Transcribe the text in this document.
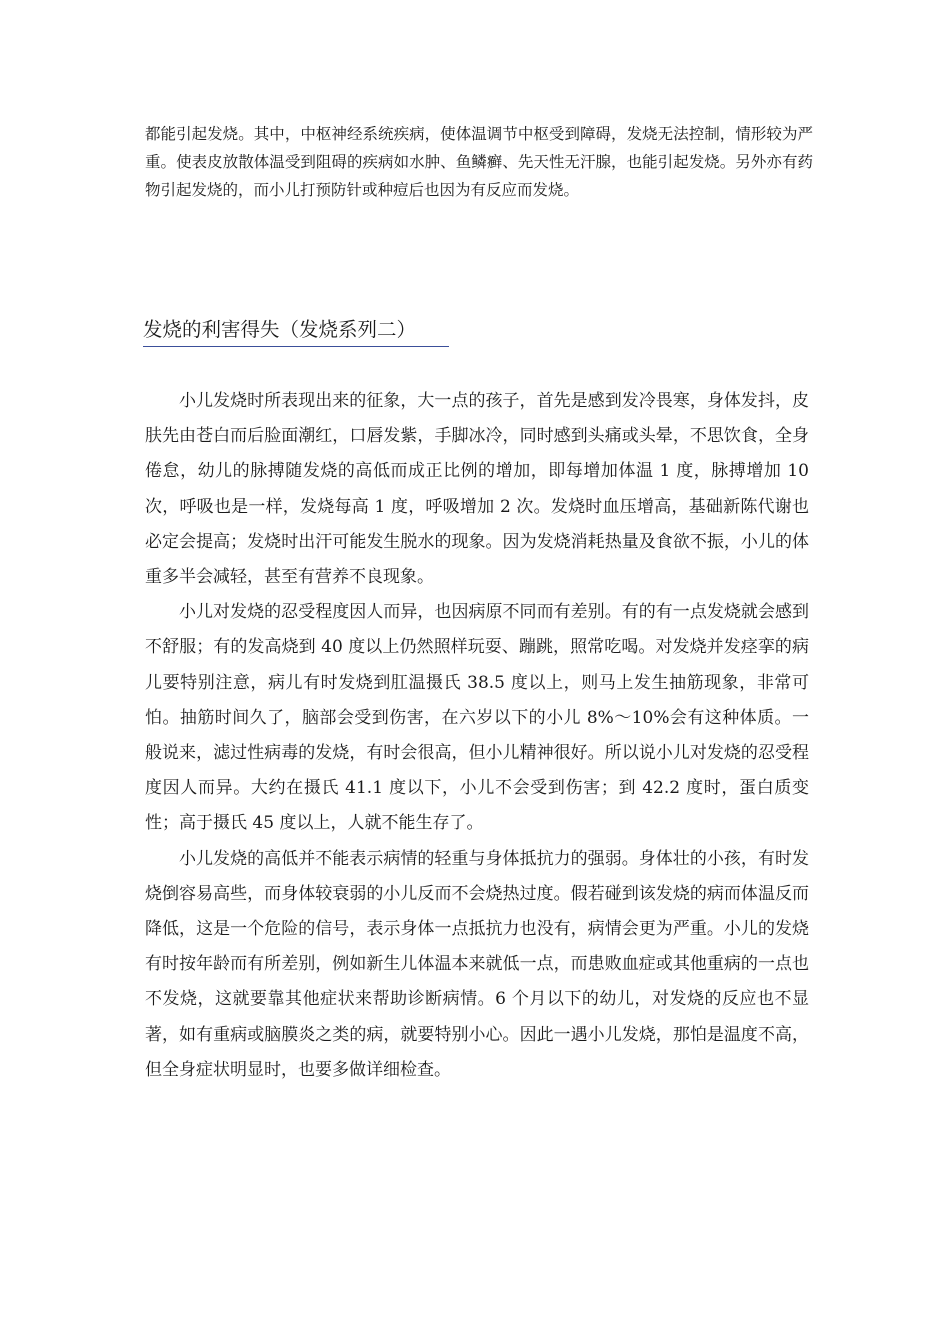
都能引起发烧。其中，中枢神经系统疾病，使体温调节中枢受到障碍，发烧无法控制，情形较为严重。使表皮放散体温受到阻碍的疾病如水肿、鱼鳞癣、先天性无汗腺，也能引起发烧。另外亦有药物引起发烧的，而小儿打预防针或种痘后也因为有反应而发烧。

发烧的利害得失（发烧系列二）

小儿发烧时所表现出来的征象，大一点的孩子，首先是感到发冷畏寒，身体发抖，皮肤先由苍白而后脸面潮红，口唇发紫，手脚冰冷，同时感到头痛或头晕，不思饮食，全身倦怠，幼儿的脉搏随发烧的高低而成正比例的增加，即每增加体温 1 度，脉搏增加 10 次，呼吸也是一样，发烧每高 1 度，呼吸增加 2 次。发烧时血压增高，基础新陈代谢也必定会提高；发烧时出汗可能发生脱水的现象。因为发烧消耗热量及食欲不振，小儿的体重多半会减轻，甚至有营养不良现象。

小儿对发烧的忍受程度因人而异，也因病原不同而有差别。有的有一点发烧就会感到不舒服；有的发高烧到 40 度以上仍然照样玩耍、蹦跳，照常吃喝。对发烧并发痉挛的病儿要特别注意，病儿有时发烧到肛温摄氏 38.5 度以上，则马上发生抽筋现象，非常可怕。抽筋时间久了，脑部会受到伤害，在六岁以下的小儿 8%～10%会有这种体质。一般说来，滤过性病毒的发烧，有时会很高，但小儿精神很好。所以说小儿对发烧的忍受程度因人而异。大约在摄氏 41.1 度以下，小儿不会受到伤害；到 42.2 度时，蛋白质变性；高于摄氏 45 度以上，人就不能生存了。

小儿发烧的高低并不能表示病情的轻重与身体抵抗力的强弱。身体壮的小孩，有时发烧倒容易高些，而身体较衰弱的小儿反而不会烧热过度。假若碰到该发烧的病而体温反而降低，这是一个危险的信号，表示身体一点抵抗力也没有，病情会更为严重。小儿的发烧有时按年龄而有所差别，例如新生儿体温本来就低一点，而患败血症或其他重病的一点也不发烧，这就要靠其他症状来帮助诊断病情。6 个月以下的幼儿，对发烧的反应也不显著，如有重病或脑膜炎之类的病，就要特别小心。因此一遇小儿发烧，那怕是温度不高，但全身症状明显时，也要多做详细检查。
